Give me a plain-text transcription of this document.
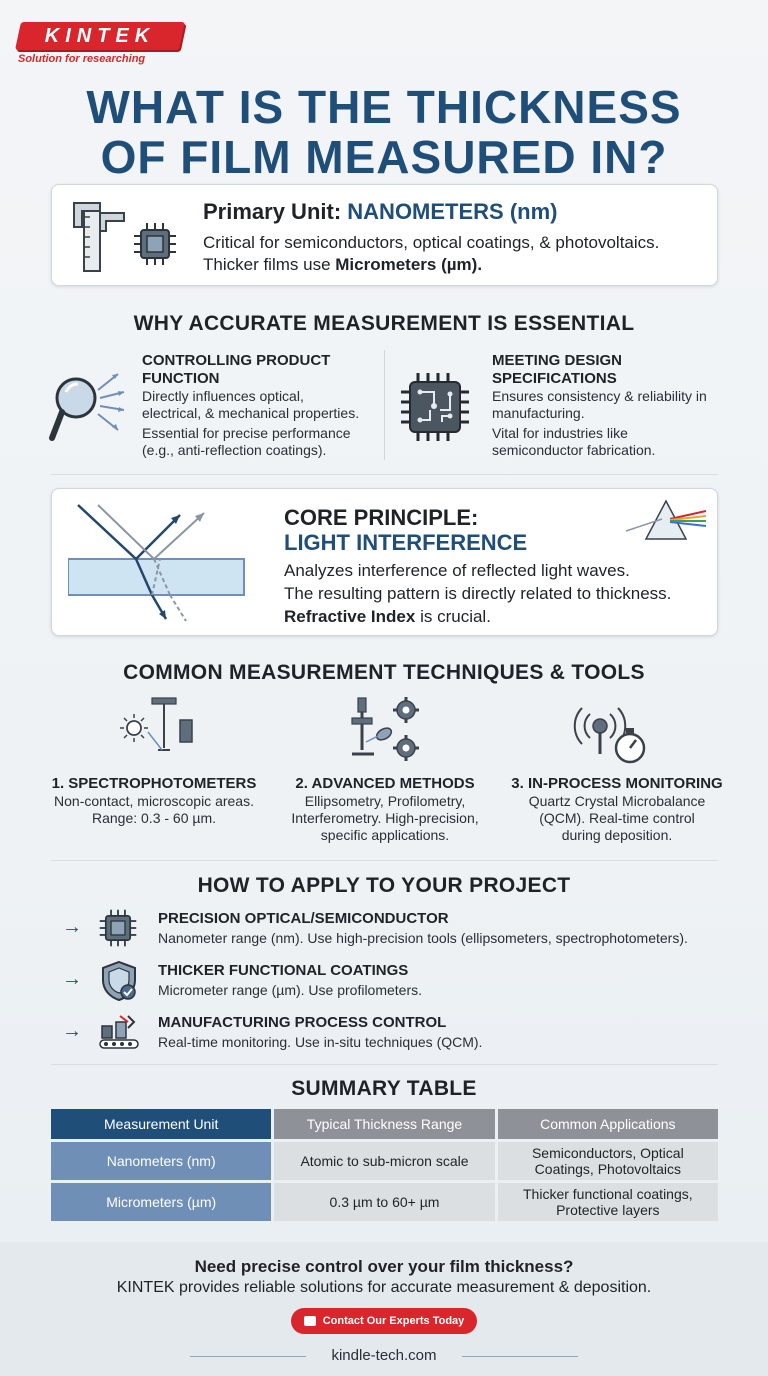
KINTEK
Solution for researching
WHAT IS THE THICKNESS
OF FILM MEASURED IN?
Primary Unit: NANOMETERS (nm)
Critical for semiconductors, optical coatings, & photovoltaics.
Thicker films use Micrometers (µm).
WHY ACCURATE MEASUREMENT IS ESSENTIAL
CONTROLLING PRODUCT
FUNCTION
Directly influences optical,
electrical, & mechanical properties.
Essential for precise performance
(e.g., anti-reflection coatings).
MEETING DESIGN
SPECIFICATIONS
Ensures consistency & reliability in
manufacturing.
Vital for industries like
semiconductor fabrication.
CORE PRINCIPLE:
LIGHT INTERFERENCE
Analyzes interference of reflected light waves.
The resulting pattern is directly related to thickness.
Refractive Index is crucial.
COMMON MEASUREMENT TECHNIQUES & TOOLS
1. SPECTROPHOTOMETERS
Non-contact, microscopic areas.
Range: 0.3 - 60 µm.
2. ADVANCED METHODS
Ellipsometry, Profilometry,
Interferometry. High-precision,
specific applications.
3. IN-PROCESS MONITORING
Quartz Crystal Microbalance
(QCM). Real-time control
during deposition.
HOW TO APPLY TO YOUR PROJECT
→	PRECISION OPTICAL/SEMICONDUCTOR
Nanometer range (nm). Use high-precision tools (ellipsometers, spectrophotometers).
→	THICKER FUNCTIONAL COATINGS
Micrometer range (µm). Use profilometers.
→	MANUFACTURING PROCESS CONTROL
Real-time monitoring. Use in-situ techniques (QCM).
SUMMARY TABLE
Measurement Unit	Typical Thickness Range	Common Applications
Nanometers (nm)	Atomic to sub-micron scale	Semiconductors, Optical
Coatings, Photovoltaics

Micrometers (µm)	0.3 µm to 60+ µm	Thicker functional coatings,
Protective layers
Need precise control over your film thickness?
KINTEK provides reliable solutions for accurate measurement & deposition.
Contact Our Experts Today
kindle-tech.com
